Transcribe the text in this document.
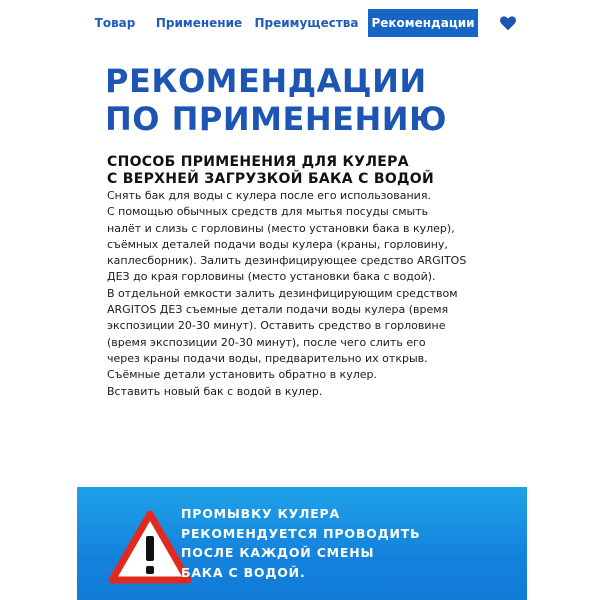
Товар	Применение	Преимущества	Рекомендации
РЕКОМЕНДАЦИИ
ПО ПРИМЕНЕНИЮ
СПОСОБ ПРИМЕНЕНИЯ ДЛЯ КУЛЕРА
С ВЕРХНЕЙ ЗАГРУЗКОЙ БАКА С ВОДОЙ

Снять бак для воды с кулера после его использования.

С помощью обычных средств для мытья посуды смыть

налёт и слизь с горловины (место установки бака в кулер),

съёмных деталей подачи воды кулера (краны, горловину,

каплесборник). Залить дезинфицирующее средство ARGITOS

ДЕЗ до края горловины (место установки бака с водой).

В отдельной емкости залить дезинфицирующим средством

ARGITOS ДЕЗ съемные детали подачи воды кулера (время

экспозиции 20-30 минут). Оставить средство в горловине

(время экспозиции 20-30 минут), после чего слить его

через краны подачи воды, предварительно их открыв.

Съёмные детали установить обратно в кулер.

Вставить новый бак с водой в кулер.

ПРОМЫВКУ КУЛЕРА
РЕКОМЕНДУЕТСЯ ПРОВОДИТЬ
ПОСЛЕ КАЖДОЙ СМЕНЫ
БАКА С ВОДОЙ.
